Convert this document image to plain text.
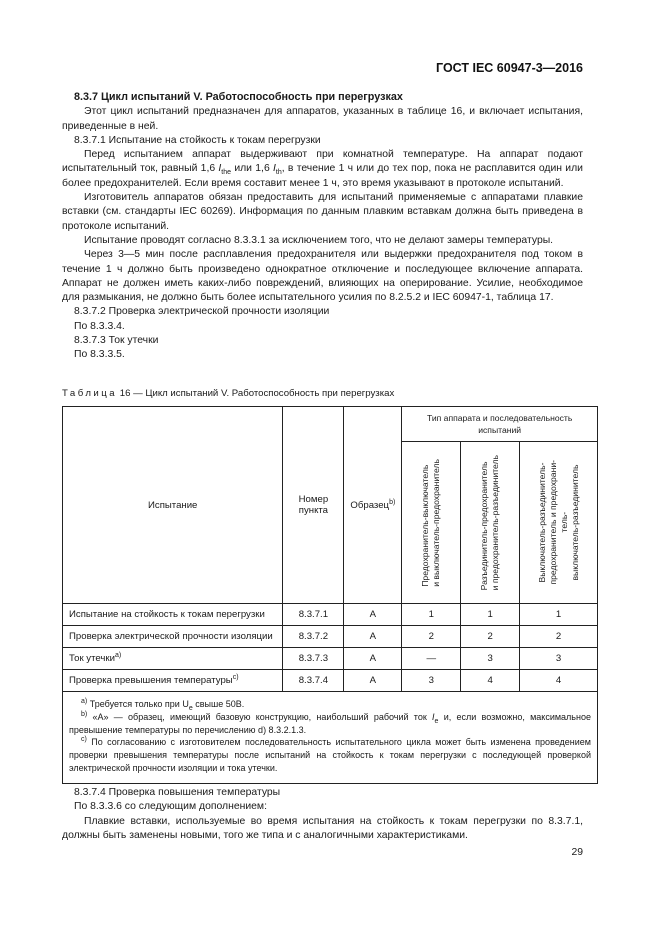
ГОСТ IEC 60947-3—2016

8.3.7 Цикл испытаний V. Работоспособность при перегрузках

Этот цикл испытаний предназначен для аппаратов, указанных в таблице 16, и включает испытания, приведенные в ней.

8.3.7.1 Испытание на стойкость к токам перегрузки

Перед испытанием аппарат выдерживают при комнатной температуре. На аппарат подают испытательный ток, равный 1,6 $I_{the}$ или 1,6 $I_{th}$, в течение 1 ч или до тех пор, пока не расплавится один или более предохранителей. Если время составит менее 1 ч, это время указывают в протоколе испытаний.

Изготовитель аппаратов обязан предоставить для испытаний применяемые с аппаратами плавкие вставки (см. стандарты IEC 60269). Информация по данным плавким вставкам должна быть приведена в протоколе испытаний.

Испытание проводят согласно 8.3.3.1 за исключением того, что не делают замеры температуры.

Через 3—5 мин после расплавления предохранителя или выдержки предохранителя под током в течение 1 ч должно быть произведено однократное отключение и последующее включение аппарата. Аппарат не должен иметь каких-либо повреждений, влияющих на оперирование. Усилие, необходимое для размыкания, не должно быть более испытательного усилия по 8.2.5.2 и IEC 60947-1, таблица 17.

8.3.7.2 Проверка электрической прочности изоляции

По 8.3.3.4.

8.3.7.3 Ток утечки

По 8.3.3.5.

Таблица 16 — Цикл испытаний V. Работоспособность при перегрузках
Испытание	Номер пункта	Образец$^{b)}$	Тип аппарата и последовательность испытаний		

			Предохранитель-выключатель
и выключатель-предохранитель	Разъединитель-предохранитель
и предохранитель-разъединитель	Выключатель-разъединитель-
предохранитель и предохрани-
тель-
выключатель-разъединитель

Испытание на стойкость к токам перегрузки	8.3.7.1	A	1	1	1
Проверка электрической прочности изоляции	8.3.7.2	A	2	2	2
Ток утечки$^{a)}$	8.3.7.3	A	—	3	3
Проверка превышения температуры$^{c)}$	8.3.7.4	A	3	4	4

$^{a)}$ Требуется только при $U_e$ свыше 50В.

$^{b)}$ «А» — образец, имеющий базовую конструкцию, наибольший рабочий ток $I_e$ и, если возможно, максимальное превышение температуры по перечислению d) 8.3.2.1.3.

$^{c)}$ По согласованию с изготовителем последовательность испытательного цикла может быть изменена проведением проверки превышения температуры после испытаний на стойкость к токам перегрузки с последующей проверкой электрической прочности изоляции и тока утечки.					

8.3.7.4 Проверка повышения температуры

По 8.3.3.6 со следующим дополнением:

Плавкие вставки, используемые во время испытания на стойкость к токам перегрузки по 8.3.7.1, должны быть заменены новыми, того же типа и с аналогичными характеристиками.

29
